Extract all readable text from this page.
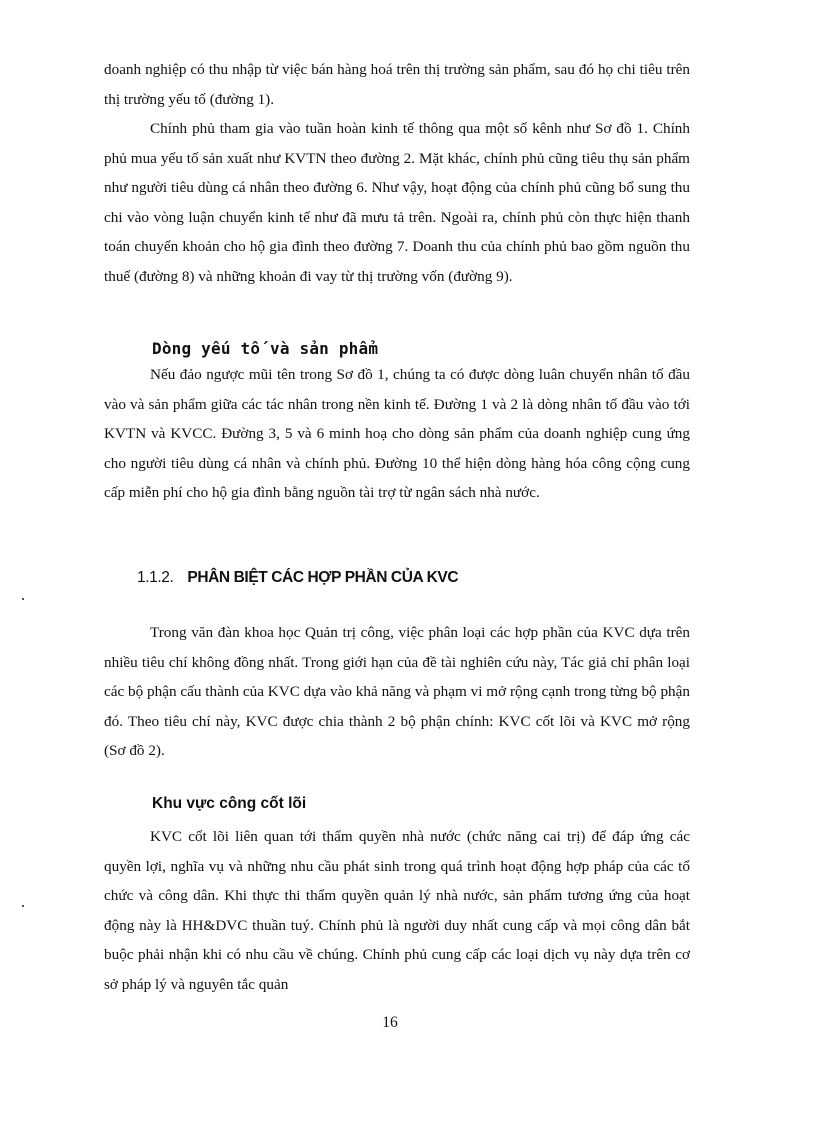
doanh nghiệp có thu nhập từ việc bán hàng hoá trên thị trường sản phẩm, sau đó họ chi tiêu trên thị trường yếu tố (đường 1).

Chính phủ tham gia vào tuần hoàn kinh tế thông qua một số kênh như Sơ đồ 1. Chính phủ mua yếu tố sản xuất như KVTN theo đường 2. Mặt khác, chính phủ cũng tiêu thụ sản phẩm như người tiêu dùng cá nhân theo đường 6. Như vậy, hoạt động của chính phủ cũng bổ sung thu chi vào vòng luận chuyển kinh tế như đã mưu tả trên. Ngoài ra, chính phủ còn thực hiện thanh toán chuyển khoản cho hộ gia đình theo đường 7. Doanh thu của chính phủ bao gồm nguồn thu thuế (đường 8) và những khoản đi vay từ thị trường vốn (đường 9).

Dòng yếu tố và sản phẩm

Nếu đảo ngược mũi tên trong Sơ đồ 1, chúng ta có được dòng luân chuyển nhân tố đầu vào và sản phẩm giữa các tác nhân trong nền kinh tế. Đường 1 và 2 là dòng nhân tố đầu vào tới KVTN và KVCC. Đường 3, 5 và 6 minh hoạ cho dòng sản phẩm của doanh nghiệp cung ứng cho người tiêu dùng cá nhân và chính phủ. Đường 10 thể hiện dòng hàng hóa công cộng cung cấp miễn phí cho hộ gia đình bằng nguồn tài trợ từ ngân sách nhà nước.

1.1.2. PHÂN BIỆT CÁC HỢP PHẦN CỦA KVC

Trong văn đàn khoa học Quản trị công, việc phân loại các hợp phần của KVC dựa trên nhiều tiêu chí không đồng nhất. Trong giới hạn của đề tài nghiên cứu này, Tác giả chỉ phân loại các bộ phận cấu thành của KVC dựa vào khả năng và phạm vi mở rộng cạnh trong từng bộ phận đó. Theo tiêu chí này, KVC được chia thành 2 bộ phận chính: KVC cốt lõi và KVC mở rộng (Sơ đồ 2).

Khu vực công cốt lõi

KVC cốt lõi liên quan tới thẩm quyền nhà nước (chức năng cai trị) để đáp ứng các quyền lợi, nghĩa vụ và những nhu cầu phát sinh trong quá trình hoạt động hợp pháp của các tổ chức và công dân. Khi thực thi thẩm quyền quản lý nhà nước, sản phẩm tương ứng của hoạt động này là HH&DVC thuần tuý. Chính phủ là người duy nhất cung cấp và mọi công dân bắt buộc phải nhận khi có nhu cầu về chúng. Chính phủ cung cấp các loại dịch vụ này dựa trên cơ sở pháp lý và nguyên tắc quản

16
